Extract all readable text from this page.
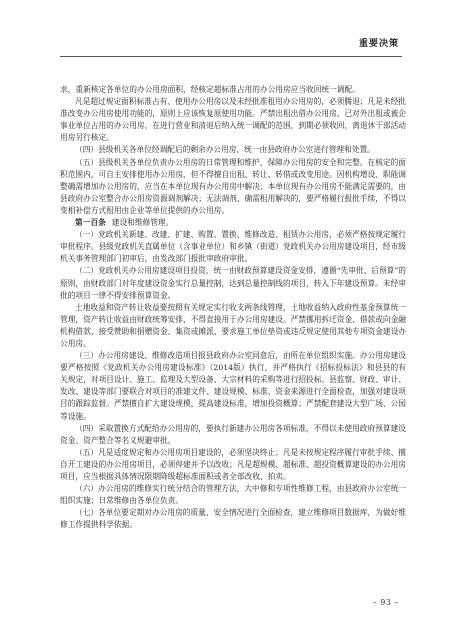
重要决策

求，重新核定各单位的办公用房面积，经核定超标准占用的办公用房应当收回统一调配。

凡是超过规定面积标准占有、使用办公用房以及未经批准租用办公用房的，必须腾退；凡是未经批准改变办公用房使用功能的，原则上应该恢复原使用功能。严禁出租出借办公用房，已对外出租或被企事业单位占用的办公用房，在进行营业和清退后纳入统一调配的范围，到期必须收回，离退休干部活动用房另行核定。

（四）县级机关各单位经调配后的剩余办公用房，统一由县政府办公室进行管理和处置。

（五）县级机关各单位负责办公用房的日常管理和维护，保障办公用房的安全和完整。在核定的面积范围内，可自主安排使用办公用房，但不得擅自出租、转让、转借或改变用途。因机构增设、职能调整确需增加办公用房的，应当在本单位现有办公用房中解决；本单位现有办公用房不能满足需要的，由县政府办公室整合办公用房资源调剂解决；无法调剂、确需租用解决的，要严格履行报批手续，不得以变相补偿方式租用由企业等单位提供的办公用房。

第一百条 建设和维修管理。

（一）党政机关新建、改建、扩建、购置、置换、维修改造、租赁办公用房，必须严格按规定履行审批程序。县级党政机关直属单位（含事业单位）和乡镇（街道）党政机关办公用房建设项目，经市级机关事务管理部门初审后，由发改部门报批审政府审批。

（二）党政机关办公用房建设项目投资，统一由财政预算建设资金安排，遵循“先审批、后预算”的原则，由财政部门对年度建设资金实行总量控制，达到总量控制线的项目，转入下年建设预算。未经审批的项目一律不得安排预算资金。

土地收益和资产转让收益要按照有关规定实行收支两条线管理，土地收益纳入政府性基金预算统一管理，资产转让收益由财政统筹安排，不得直接用于办公用房建设。严禁挪用拆迁资金、借款或向金融机构借款、接受赞助和捐赠资金、集资或摊派、要求施工单位垫资或违反规定使用其他专项资金建设办公用房。

（三）办公用房建设、维修改造项目报县政府办公室同意后，由所在单位组织实施。办公用房建设要严格按照《党政机关办公用房建设标准》（2014版）执行，并严格执行《招标投标法》和县县的有关规定，对项目设计、施工、监理及大型设备、大宗材料的采购等进行招投标。县监察、财政、审计、发改、建设等部门要联合对项目的准建文件、建设规模、标准、资金来源进行全面检查，加强对建设项目的跟踪监督。严禁擅自扩大建设规模，提高建设标准，增加投资概算；严禁配套建设大型广场、公园等设施。

（四）采取置换方式配给办公用房的，要执行新建办公用房各项标准，不得以未使用政府预算建设资金、资产整合等名义规避审批。

（五）凡是适度规定和办公用房项目建设的，必须坚决终止；凡是未按规定程序履行审批手续、擅自开工建设的办公用房项目，必须停建并予以改收；凡是超规模、超标准、超投资概算建设的办公用房项目，应当根据具体情况限期降级超标准面积或者全部改收、拍卖。

（六）办公用房的维修实行统分结合的管理方法，大中修和专项性维修工程，由县政府办公室统一组织实施；日常维修由各单位负责。

（七）各单位要定期对办公用房的质量、安全情况进行全面检查，建立维修项目数据库，为做好维修工作提供科学依据。

– 93 –
